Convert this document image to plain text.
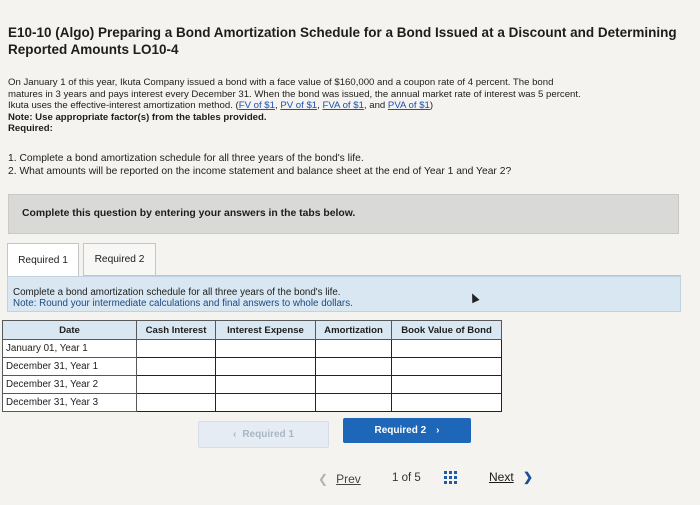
E10-10 (Algo) Preparing a Bond Amortization Schedule for a Bond Issued at a Discount and Determining
Reported Amounts LO10-4
On January 1 of this year, Ikuta Company issued a bond with a face value of $160,000 and a coupon rate of 4 percent. The bond
matures in 3 years and pays interest every December 31. When the bond was issued, the annual market rate of interest was 5 percent.
Ikuta uses the effective-interest amortization method. (FV of $1, PV of $1, FVA of $1, and PVA of $1)
Note: Use appropriate factor(s) from the tables provided.
Required:
1. Complete a bond amortization schedule for all three years of the bond's life.
2. What amounts will be reported on the income statement and balance sheet at the end of Year 1 and Year 2?
Complete this question by entering your answers in the tabs below.
Required 1	Required 2
Complete a bond amortization schedule for all three years of the bond's life.
Note: Round your intermediate calculations and final answers to whole dollars.
Date	Cash Interest	Interest Expense	Amortization	Book Value of Bond
January 01, Year 1				
December 31, Year 1				
December 31, Year 2				
December 31, Year 3				
‹ Required 1	Required 2 ›
❮ Prev	1 of 5	Next ❯
